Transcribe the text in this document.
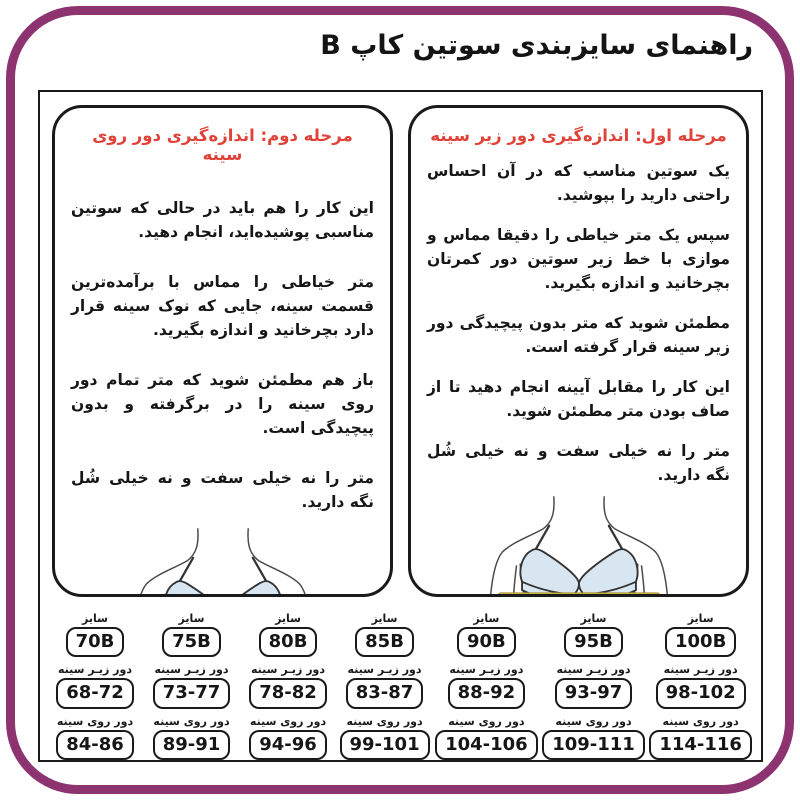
راهنمای سایزبندی سوتین کاپ B
مرحله اول: اندازه‌گیری دور زیر سینه

یک سوتین مناسب که در آن احساس راحتی دارید را بپوشید.

سپس یک متر خیاطی را دقیقا مماس و موازی با خط زیر سوتین دور کمرتان بچرخانید و اندازه بگیرید.

مطمئن شوید که متر بدون پیچیدگی دور زیر سینه قرار گرفته است.

این کار را مقابل آیینه انجام دهید تا از صاف بودن متر مطمئن شوید.

متر را نه خیلی سفت و نه خیلی شُل نگه دارید.

مرحله دوم: اندازه‌گیری دور روی سینه

این کار را هم باید در حالی که سوتین مناسبی پوشیده‌اید، انجام دهید.

متر خیاطی را مماس با برآمده‌ترین قسمت سینه، جایی که نوک سینه قرار دارد بچرخانید و اندازه بگیرید.

باز هم مطمئن شوید که متر تمام دور روی سینه را در برگرفته و بدون پیچیدگی است.

متر را نه خیلی سفت و نه خیلی شُل نگه دارید.

سایز
70B
دور زیـر سینه
68-72
دور روی سینه
84-86
سایز
75B
دور زیـر سینه
73-77
دور روی سینه
89-91
سایز
80B
دور زیـر سینه
78-82
دور روی سینه
94-96
سایز
85B
دور زیـر سینه
83-87
دور روی سینه
99-101
سایز
90B
دور زیـر سینه
88-92
دور روی سینه
104-106
سایز
95B
دور زیـر سینه
93-97
دور روی سینه
109-111
سایز
100B
دور زیـر سینه
98-102
دور روی سینه
114-116
